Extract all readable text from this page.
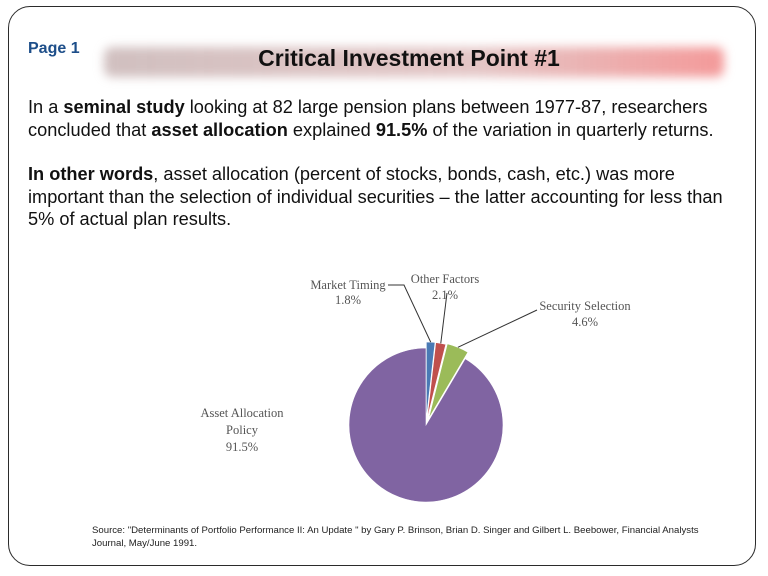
Page 1	Critical Investment Point #1

In a seminal study looking at 82 large pension plans between 1977-87, researchers concluded that asset allocation explained 91.5% of the variation in quarterly returns.

In other words, asset allocation (percent of stocks, bonds, cash, etc.) was more important than the selection of individual securities – the latter accounting for less than 5% of actual plan results.

Market Timing
1.8%
Other Factors
2.1%
Security Selection
4.6%
Asset Allocation
Policy
91.5%
Source: "Determinants of Portfolio Performance II: An Update " by Gary P. Brinson, Brian D. Singer and Gilbert L. Beebower, Financial Analysts Journal, May/June 1991.
